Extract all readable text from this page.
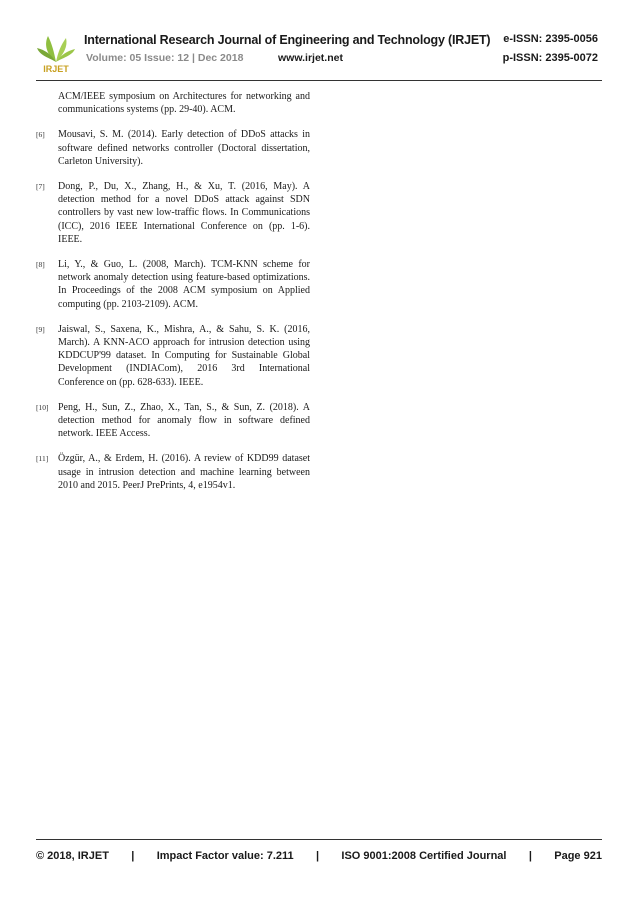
IRJET
International Research Journal of Engineering and Technology (IRJET) e-ISSN: 2395-0056
Volume: 05 Issue: 12 | Dec 2018	www.irjet.net	p-ISSN: 2395-0072
ACM/IEEE symposium on Architectures for networking and communications systems (pp. 29-40). ACM.
[6] Mousavi, S. M. (2014). Early detection of DDoS attacks in software defined networks controller (Doctoral dissertation, Carleton University).
[7] Dong, P., Du, X., Zhang, H., & Xu, T. (2016, May). A detection method for a novel DDoS attack against SDN controllers by vast new low-traffic flows. In Communications (ICC), 2016 IEEE International Conference on (pp. 1-6). IEEE.
[8] Li, Y., & Guo, L. (2008, March). TCM-KNN scheme for network anomaly detection using feature-based optimizations. In Proceedings of the 2008 ACM symposium on Applied computing (pp. 2103-2109). ACM.
[9] Jaiswal, S., Saxena, K., Mishra, A., & Sahu, S. K. (2016, March). A KNN-ACO approach for intrusion detection using KDDCUP'99 dataset. In Computing for Sustainable Global Development (INDIACom), 2016 3rd International Conference on (pp. 628-633). IEEE.
[10] Peng, H., Sun, Z., Zhao, X., Tan, S., & Sun, Z. (2018). A detection method for anomaly flow in software defined network. IEEE Access.
[11] Özgür, A., & Erdem, H. (2016). A review of KDD99 dataset usage in intrusion detection and machine learning between 2010 and 2015. PeerJ PrePrints, 4, e1954v1.
© 2018, IRJET | Impact Factor value: 7.211 | ISO 9001:2008 Certified Journal | Page 921
